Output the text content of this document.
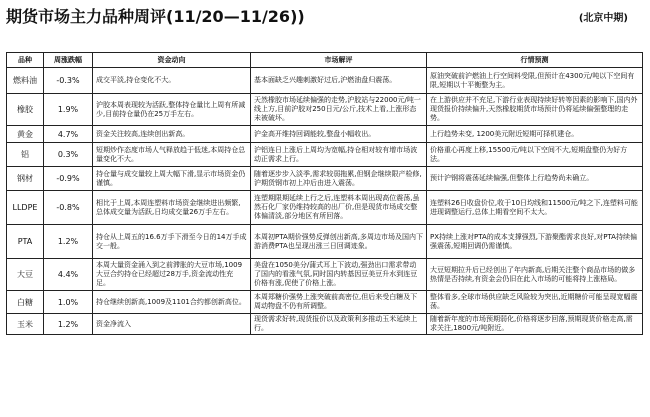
期货市场主力品种周评(11/20—11/26))	(北京中期)
品种	周涨跌幅	资金动向	市场解评	行情预测
燃料油	-0.3%	成交平淡,持仓变化不大。	基本面缺乏兴趣刺激好过后,沪燃油盘归震荡。	原油突破前沪燃油上行空间料受限,但预计在4300元/吨以下空间有限,短期以十平衡整为主。
橡胶	1.9%	沪胶本周表现较为活跃,整体持仓量比上周有所减少,目前持仓量仍在25万手左右。	天然橡胶市场延续偏强的走势,沪胶站与22000元/吨一线上方,目前沪胶对250日元/公斤,技术上看,上涨形态未被破坏。	在上游供应并不充足,下游行业表现持续好转等因素的影响下,国内外现货报价持续偏升,天然橡胶期货市场预计仍将延续偏强整理的走势。
黄金	4.7%	资金关注较高,连续创出新高。	沪金高开维持回调能较,整盘小幅收出。	上行趋势未变, 1200美元附近短期可择机建仓。
铝	0.3%	短期炒作态度市场人气释放趋于低迷,本周持仓总量变化不大。	沪铝连日上涨后上周均为宽幅,持仓相对较有增市场波动正需求上行。	价格重心再度上移,15500元/吨以下空间不大,短期盘整仍为好方法。
钢材	-0.9%	持仓量与成交量较上周大幅下滑,显示市场资金仍谨慎。	随着逐步步入淡季,需求较弱拖累,但钢企继续限产检修,沪期货钢市初上冲后由进入震荡。	预计沪钢将震荡延续偏强,但整体上行趋势尚未确立。
LLDPE	-0.8%	相比于上周,本周连塑料市场资金继续进出频繁,总体成交量为活跃,日均成交量26万手左右。	连塑期限期延续上行之后,连塑料本周出现高位震荡,虽然石化厂家仍维持较高的出厂价,但是现货市场成交整体偏清淡,部分地区有所回落。	连塑料26日收盘价位,收于10日均线和11500元/吨之下,连塑料可能进现调整运行,总体上期看空间不太大。
PTA	1.2%	持仓从上周五的16.6万手下滑至今日的14万手成交一般。	本周初PTA期价强势反弹创出新高,多周边市场及国内下游消费PTA也呈现出涨三日回调迹象。	PX持续上涨对PTA的成本支撑强烈,下游聚酯需求良好,对PTA持续偏强震荡,短期回调仍需谨慎。
大豆	4.4%	本周大量资金涌入到之前滞胀的大豆市场,1009大豆合约持仓已经超过28万手,资金流动性充足。	美盘在1050美分/蒲式耳上下波动,强劲出口需求带动了国内的看涨气氛,同时国内转基因豆美豆升水到连豆价格有涨,促使了价格上涨。	大豆短期拉升后已经创出了年内新高,后期关注整个商品市场的做多热情是否持续,有资金会仍旧在此入市场的可能将持上涨格局。
白糖	1.0%	持仓继续创新高,1009及1101合约都创新高位。	本周郑糖价强势上涨突破前高密位,但后来受白糖及下周动物盘不仍有所调整。	整体看多,全球市场供应缺乏风险较为突出,近期糖价可能呈现宽幅震荡。
玉米	1.2%	资金净流入	现货需求好转,现货报价以及政策利多推动玉米延续上行。	随着新年度的市场预期弱化,价格将逐步回落,预期现货价格走高,需求关注,1800元/吨附近。
